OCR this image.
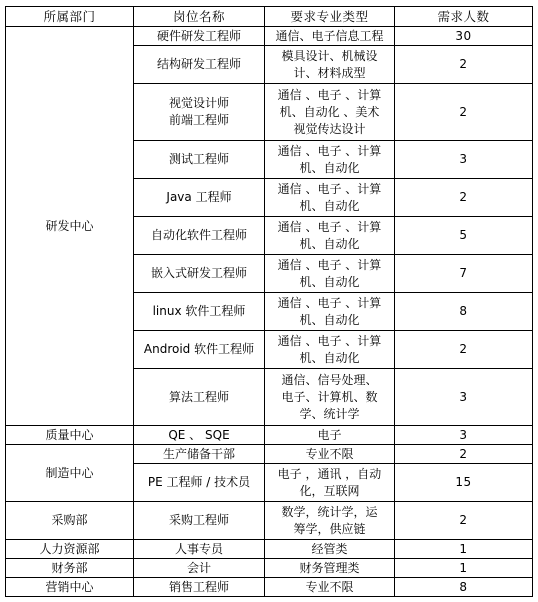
所属部门	岗位名称	要求专业类型	需求人数
研发中心	硬件研发工程师	通信、电子信息工程	30

	结构研发工程师	模具设计、机械设
计、材料成型	2

	视觉设计师
前端工程师	通信 、电子 、计算
机、自动化 、美术
视觉传达设计	2

	测试工程师	通信 、电子 、计算
机、自动化	3

	Java 工程师	通信 、电子 、计算
机、自动化	2

	自动化软件工程师	通信 、电子 、计算
机、自动化	5

	嵌入式研发工程师	通信 、电子 、计算
机、自动化	7

	linux 软件工程师	通信 、电子 、计算
机、自动化	8

	Android 软件工程师	通信 、电子 、计算
机、自动化	2

	算法工程师	通信、信号处理、
电子、计算机、数
学、统计学	3
质量中心	QE 、 SQE	电子	3
制造中心	生产储备干部	专业不限	2

	PE 工程师 / 技术员	电子 ，通讯 ，自动
化，互联网	15
采购部	采购工程师	数学，统计学，运
筹学，供应链	2
人力资源部	人事专员	经管类	1
财务部	会计	财务管理类	1
营销中心	销售工程师	专业不限	8
